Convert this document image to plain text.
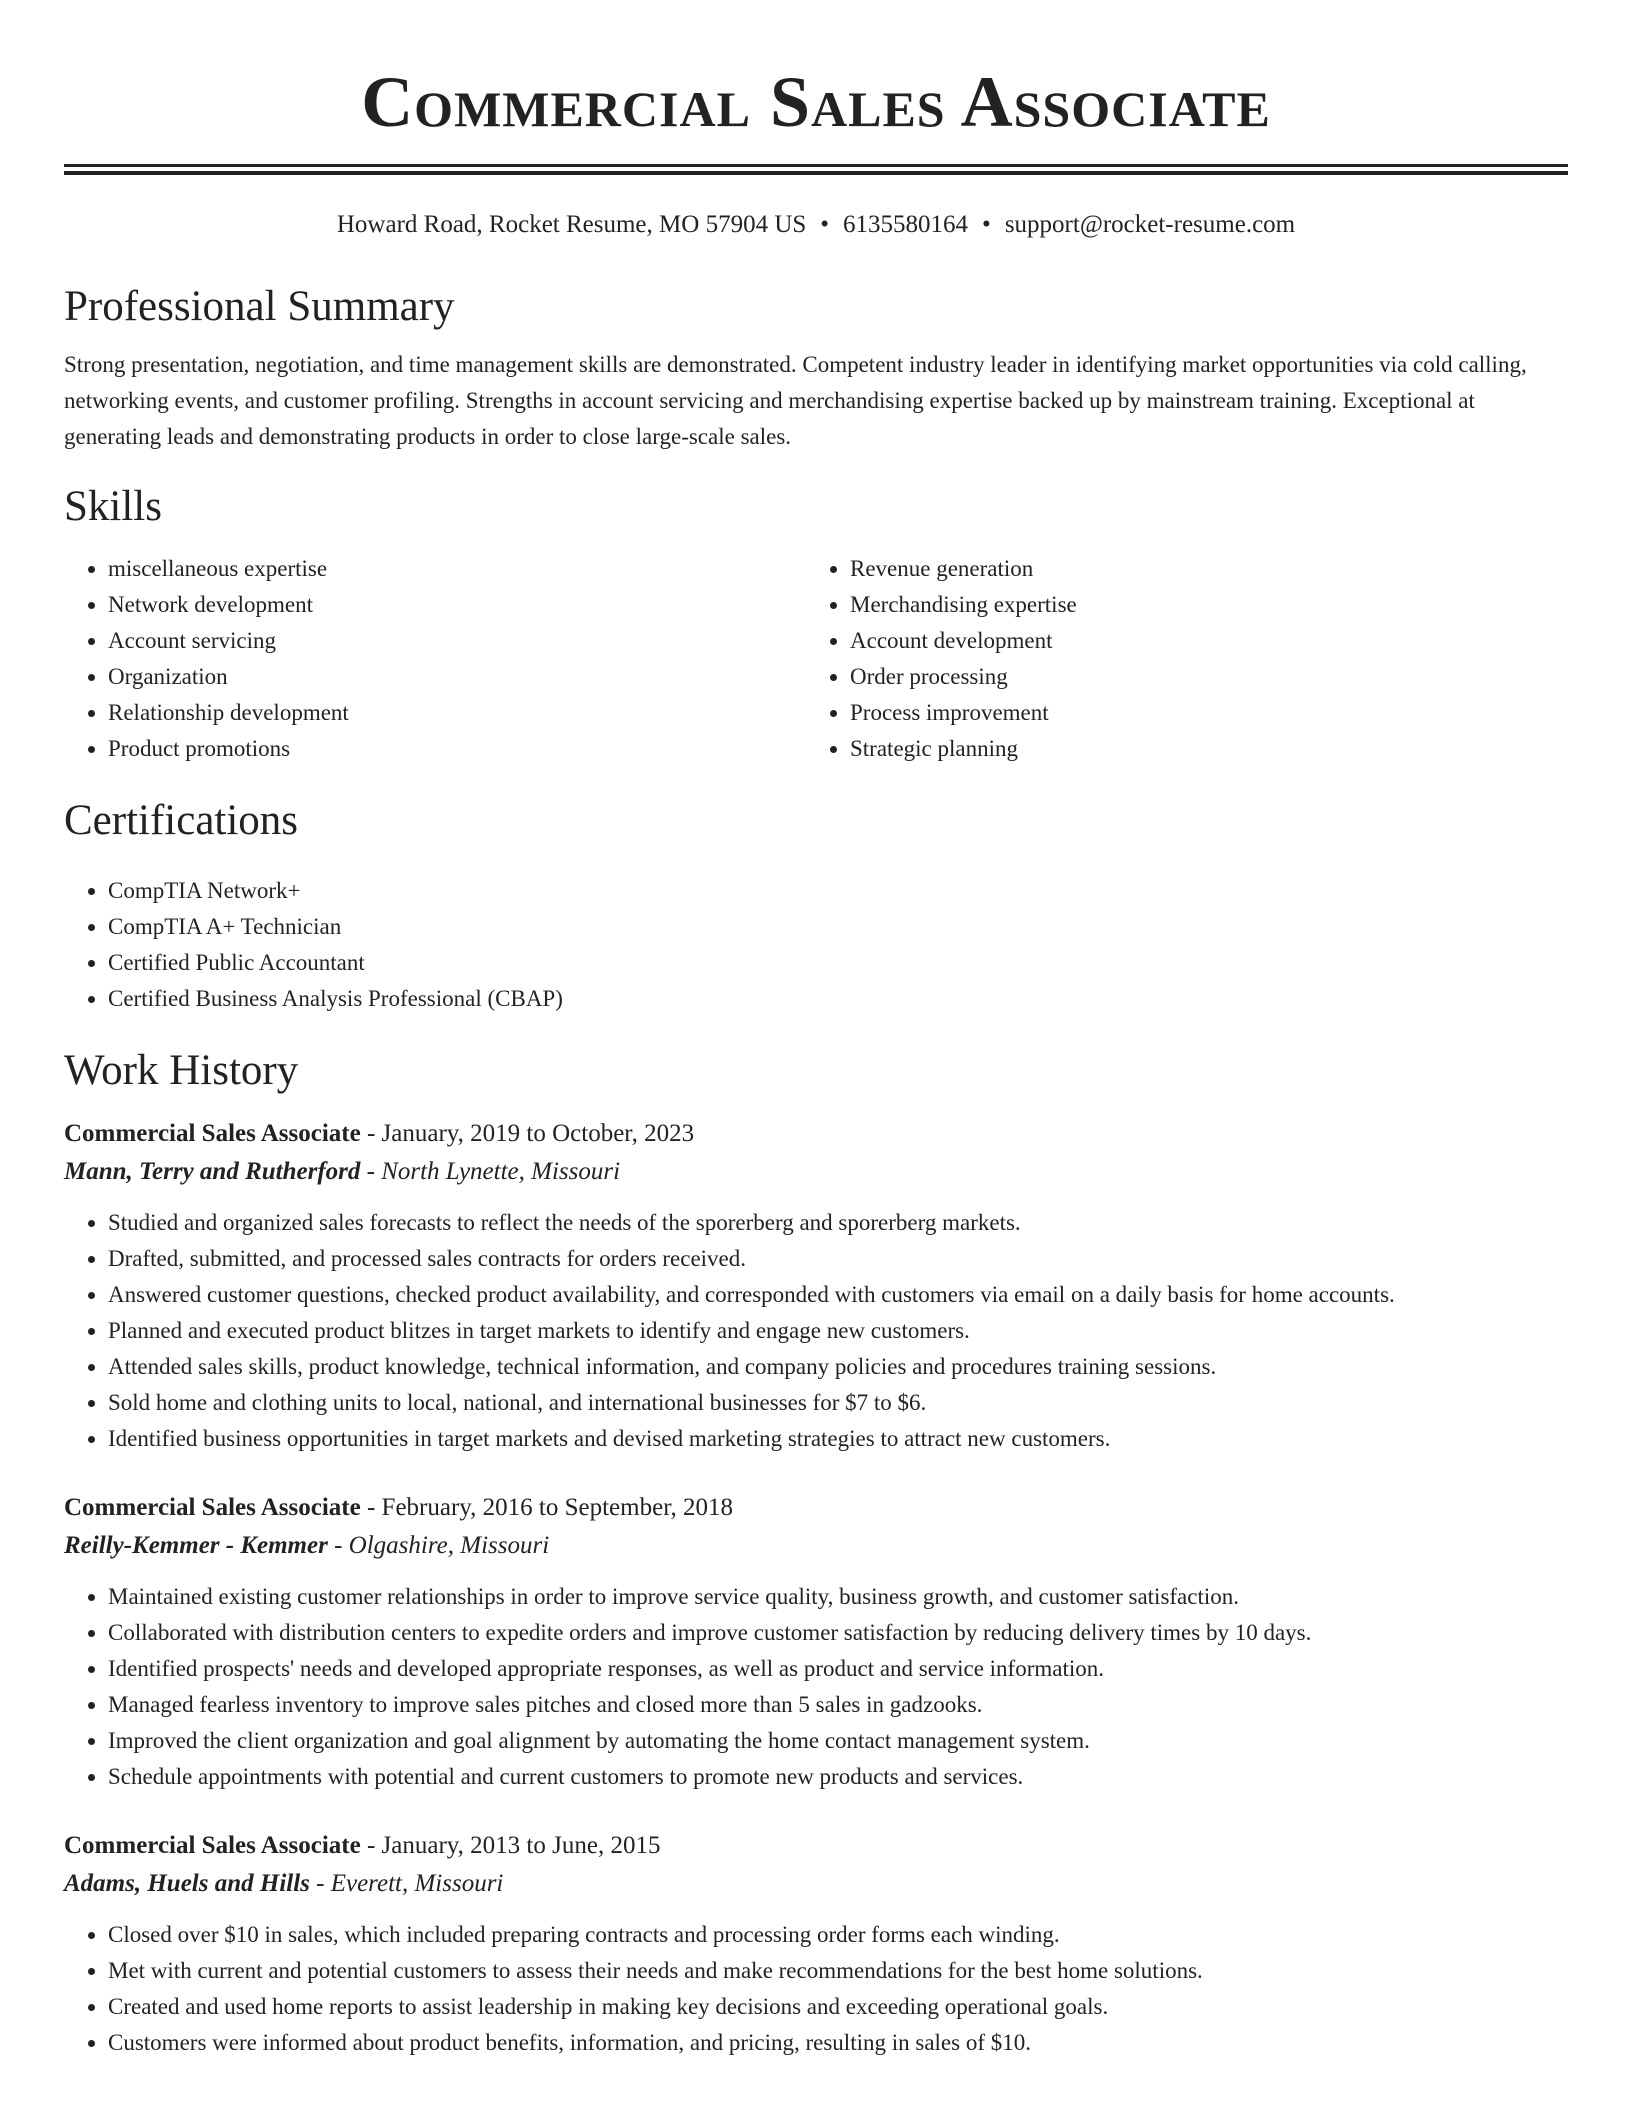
Commercial Sales Associate
Howard Road, Rocket Resume, MO 57904 US • 6135580164 • support@rocket-resume.com
Professional Summary

Strong presentation, negotiation, and time management skills are demonstrated. Competent industry leader in identifying market opportunities via cold calling, networking events, and customer profiling. Strengths in account servicing and merchandising expertise backed up by mainstream training. Exceptional at generating leads and demonstrating products in order to close large-scale sales.

Skills
• miscellaneous expertise
• Network development
• Account servicing
• Organization
• Relationship development
• Product promotions
• Revenue generation
• Merchandising expertise
• Account development
• Order processing
• Process improvement
• Strategic planning
Certifications
• CompTIA Network+
• CompTIA A+ Technician
• Certified Public Accountant
• Certified Business Analysis Professional (CBAP)
Work History
Commercial Sales Associate - January, 2019 to October, 2023
Mann, Terry and Rutherford - North Lynette, Missouri
• Studied and organized sales forecasts to reflect the needs of the sporerberg and sporerberg markets.
• Drafted, submitted, and processed sales contracts for orders received.
• Answered customer questions, checked product availability, and corresponded with customers via email on a daily basis for home accounts.
• Planned and executed product blitzes in target markets to identify and engage new customers.
• Attended sales skills, product knowledge, technical information, and company policies and procedures training sessions.
• Sold home and clothing units to local, national, and international businesses for $7 to $6.
• Identified business opportunities in target markets and devised marketing strategies to attract new customers.
Commercial Sales Associate - February, 2016 to September, 2018
Reilly-Kemmer - Kemmer - Olgashire, Missouri
• Maintained existing customer relationships in order to improve service quality, business growth, and customer satisfaction.
• Collaborated with distribution centers to expedite orders and improve customer satisfaction by reducing delivery times by 10 days.
• Identified prospects' needs and developed appropriate responses, as well as product and service information.
• Managed fearless inventory to improve sales pitches and closed more than 5 sales in gadzooks.
• Improved the client organization and goal alignment by automating the home contact management system.
• Schedule appointments with potential and current customers to promote new products and services.
Commercial Sales Associate - January, 2013 to June, 2015
Adams, Huels and Hills - Everett, Missouri
• Closed over $10 in sales, which included preparing contracts and processing order forms each winding.
• Met with current and potential customers to assess their needs and make recommendations for the best home solutions.
• Created and used home reports to assist leadership in making key decisions and exceeding operational goals.
• Customers were informed about product benefits, information, and pricing, resulting in sales of $10.
